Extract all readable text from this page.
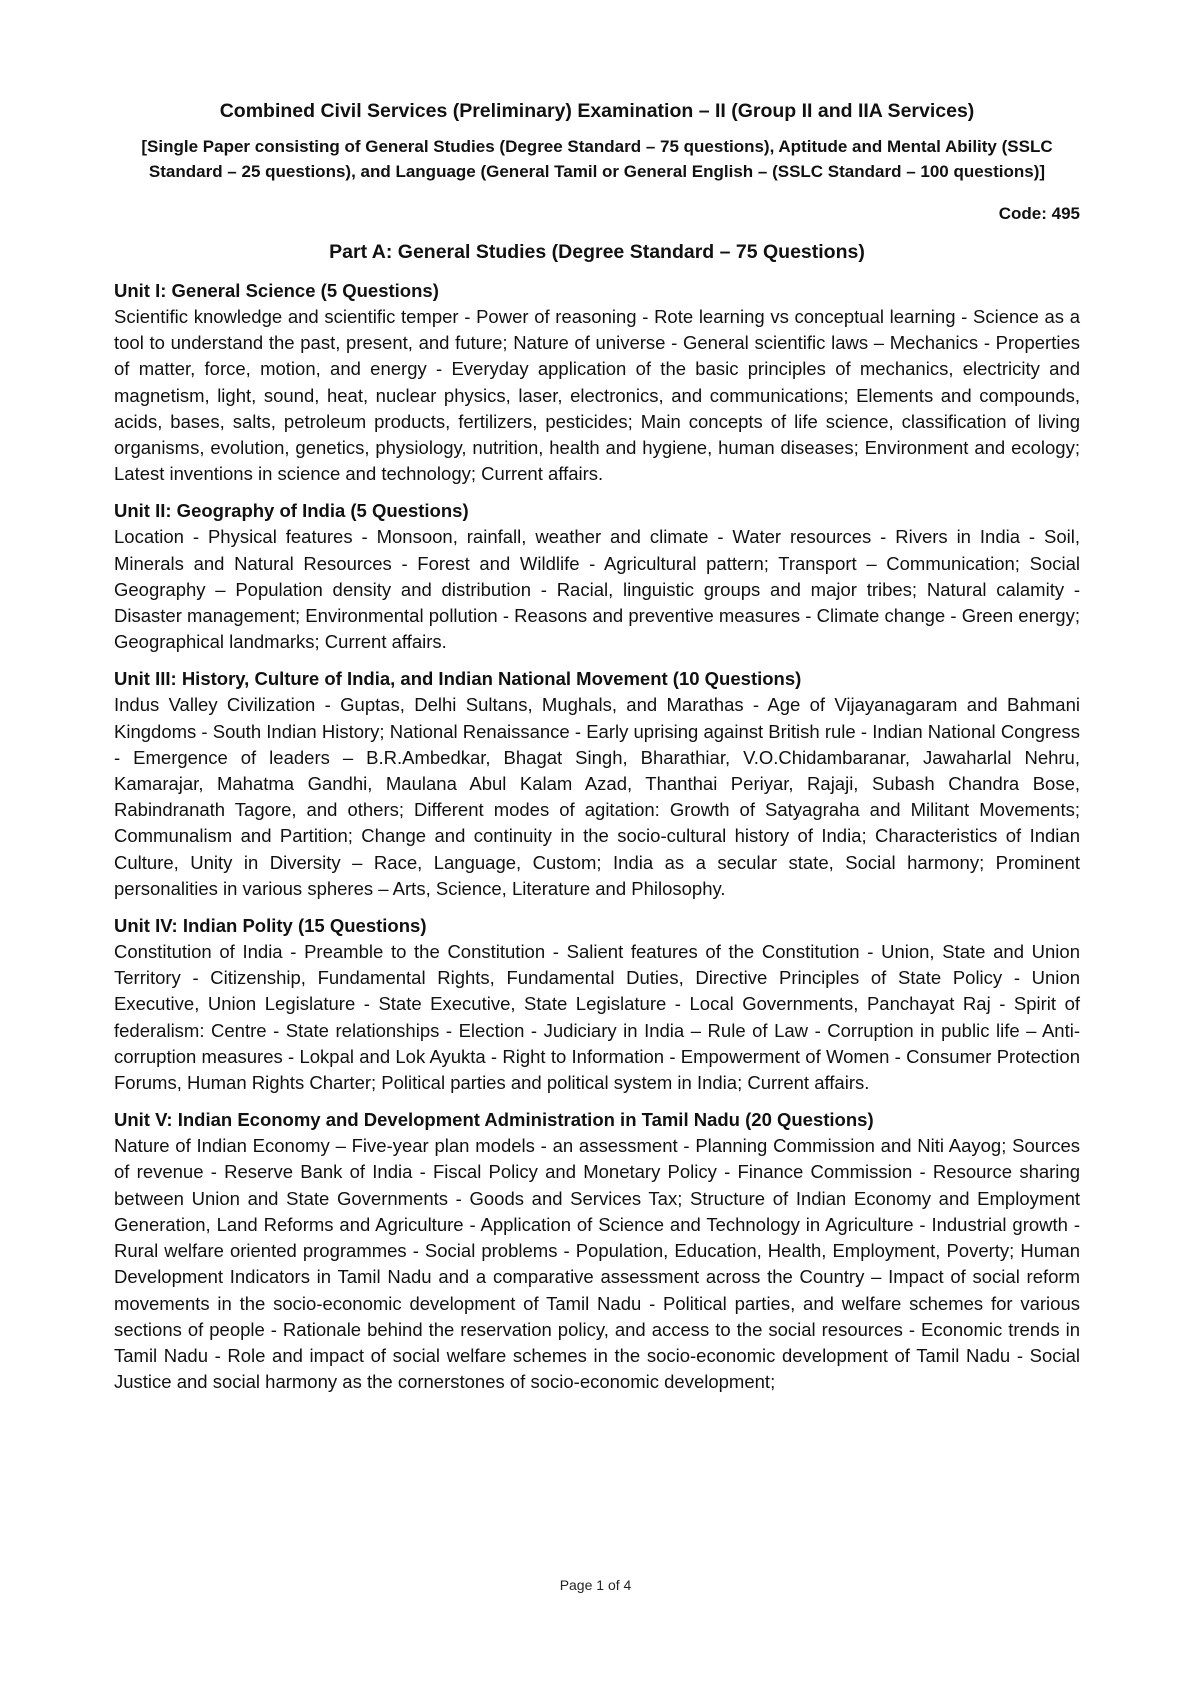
Combined Civil Services (Preliminary) Examination – II (Group II and IIA Services)

[Single Paper consisting of General Studies (Degree Standard – 75 questions), Aptitude and Mental Ability (SSLC Standard – 25 questions), and Language (General Tamil or General English – (SSLC Standard – 100 questions)]

Code: 495

Part A: General Studies (Degree Standard – 75 Questions)
Unit I: General Science (5 Questions)

Scientific knowledge and scientific temper - Power of reasoning - Rote learning vs conceptual learning - Science as a tool to understand the past, present, and future; Nature of universe - General scientific laws – Mechanics - Properties of matter, force, motion, and energy - Everyday application of the basic principles of mechanics, electricity and magnetism, light, sound, heat, nuclear physics, laser, electronics, and communications; Elements and compounds, acids, bases, salts, petroleum products, fertilizers, pesticides; Main concepts of life science, classification of living organisms, evolution, genetics, physiology, nutrition, health and hygiene, human diseases; Environment and ecology; Latest inventions in science and technology; Current affairs.

Unit II: Geography of India (5 Questions)

Location - Physical features - Monsoon, rainfall, weather and climate - Water resources - Rivers in India - Soil, Minerals and Natural Resources - Forest and Wildlife - Agricultural pattern; Transport – Communication; Social Geography – Population density and distribution - Racial, linguistic groups and major tribes; Natural calamity - Disaster management; Environmental pollution - Reasons and preventive measures - Climate change - Green energy; Geographical landmarks; Current affairs.

Unit III: History, Culture of India, and Indian National Movement (10 Questions)

Indus Valley Civilization - Guptas, Delhi Sultans, Mughals, and Marathas - Age of Vijayanagaram and Bahmani Kingdoms - South Indian History; National Renaissance - Early uprising against British rule - Indian National Congress - Emergence of leaders – B.R.Ambedkar, Bhagat Singh, Bharathiar, V.O.Chidambaranar, Jawaharlal Nehru, Kamarajar, Mahatma Gandhi, Maulana Abul Kalam Azad, Thanthai Periyar, Rajaji, Subash Chandra Bose, Rabindranath Tagore, and others; Different modes of agitation: Growth of Satyagraha and Militant Movements; Communalism and Partition; Change and continuity in the socio-cultural history of India; Characteristics of Indian Culture, Unity in Diversity – Race, Language, Custom; India as a secular state, Social harmony; Prominent personalities in various spheres – Arts, Science, Literature and Philosophy.

Unit IV: Indian Polity (15 Questions)

Constitution of India - Preamble to the Constitution - Salient features of the Constitution - Union, State and Union Territory - Citizenship, Fundamental Rights, Fundamental Duties, Directive Principles of State Policy - Union Executive, Union Legislature - State Executive, State Legislature - Local Governments, Panchayat Raj - Spirit of federalism: Centre - State relationships - Election - Judiciary in India – Rule of Law - Corruption in public life – Anti-corruption measures - Lokpal and Lok Ayukta - Right to Information - Empowerment of Women - Consumer Protection Forums, Human Rights Charter; Political parties and political system in India; Current affairs.

Unit V: Indian Economy and Development Administration in Tamil Nadu (20 Questions)

Nature of Indian Economy – Five-year plan models - an assessment - Planning Commission and Niti Aayog; Sources of revenue - Reserve Bank of India - Fiscal Policy and Monetary Policy - Finance Commission - Resource sharing between Union and State Governments - Goods and Services Tax; Structure of Indian Economy and Employment Generation, Land Reforms and Agriculture - Application of Science and Technology in Agriculture - Industrial growth - Rural welfare oriented programmes - Social problems - Population, Education, Health, Employment, Poverty; Human Development Indicators in Tamil Nadu and a comparative assessment across the Country – Impact of social reform movements in the socio-economic development of Tamil Nadu - Political parties, and welfare schemes for various sections of people - Rationale behind the reservation policy, and access to the social resources - Economic trends in Tamil Nadu - Role and impact of social welfare schemes in the socio-economic development of Tamil Nadu - Social Justice and social harmony as the cornerstones of socio-economic development;

Page 1 of 4
